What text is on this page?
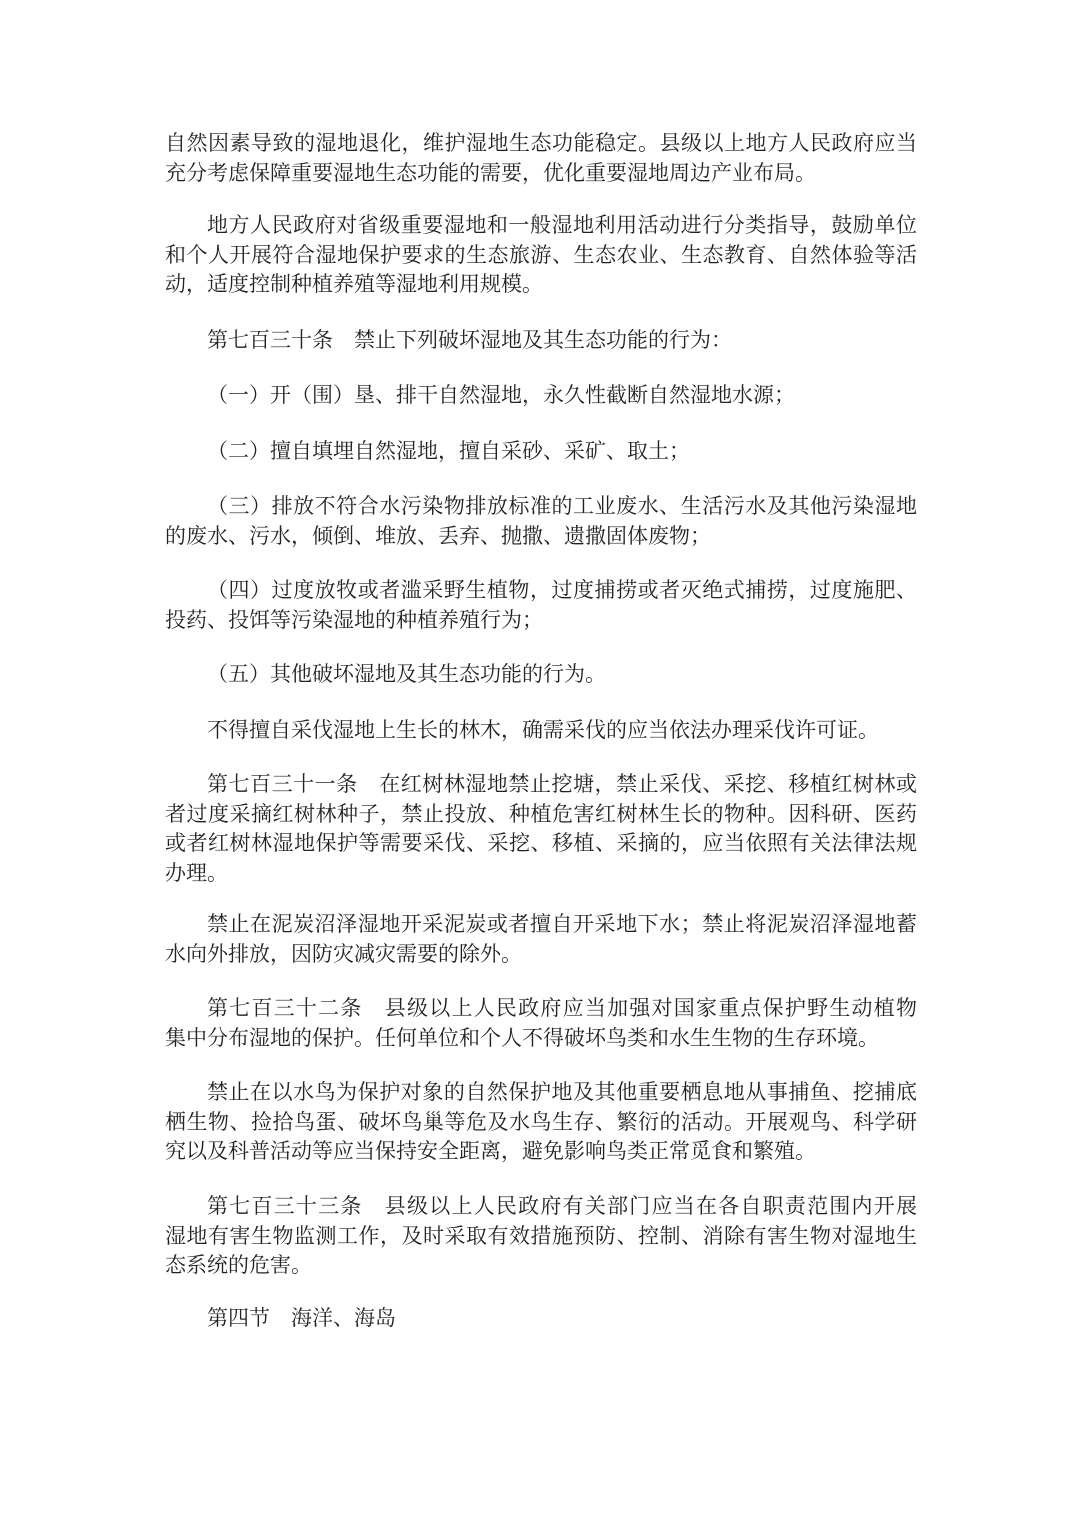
自然因素导致的湿地退化，维护湿地生态功能稳定。县级以上地方人民政府应当
充分考虑保障重要湿地生态功能的需要，优化重要湿地周边产业布局。
地方人民政府对省级重要湿地和一般湿地利用活动进行分类指导，鼓励单位
和个人开展符合湿地保护要求的生态旅游、生态农业、生态教育、自然体验等活
动，适度控制种植养殖等湿地利用规模。
第七百三十条　禁止下列破坏湿地及其生态功能的行为：
（一）开（围）垦、排干自然湿地，永久性截断自然湿地水源；
（二）擅自填埋自然湿地，擅自采砂、采矿、取土；
（三）排放不符合水污染物排放标准的工业废水、生活污水及其他污染湿地
的废水、污水，倾倒、堆放、丢弃、抛撒、遗撒固体废物；
（四）过度放牧或者滥采野生植物，过度捕捞或者灭绝式捕捞，过度施肥、
投药、投饵等污染湿地的种植养殖行为；
（五）其他破坏湿地及其生态功能的行为。
不得擅自采伐湿地上生长的林木，确需采伐的应当依法办理采伐许可证。
第七百三十一条　在红树林湿地禁止挖塘，禁止采伐、采挖、移植红树林或
者过度采摘红树林种子，禁止投放、种植危害红树林生长的物种。因科研、医药
或者红树林湿地保护等需要采伐、采挖、移植、采摘的，应当依照有关法律法规
办理。
禁止在泥炭沼泽湿地开采泥炭或者擅自开采地下水；禁止将泥炭沼泽湿地蓄
水向外排放，因防灾减灾需要的除外。
第七百三十二条　县级以上人民政府应当加强对国家重点保护野生动植物
集中分布湿地的保护。任何单位和个人不得破坏鸟类和水生生物的生存环境。
禁止在以水鸟为保护对象的自然保护地及其他重要栖息地从事捕鱼、挖捕底
栖生物、捡拾鸟蛋、破坏鸟巢等危及水鸟生存、繁衍的活动。开展观鸟、科学研
究以及科普活动等应当保持安全距离，避免影响鸟类正常觅食和繁殖。
第七百三十三条　县级以上人民政府有关部门应当在各自职责范围内开展
湿地有害生物监测工作，及时采取有效措施预防、控制、消除有害生物对湿地生
态系统的危害。
第四节　海洋、海岛
